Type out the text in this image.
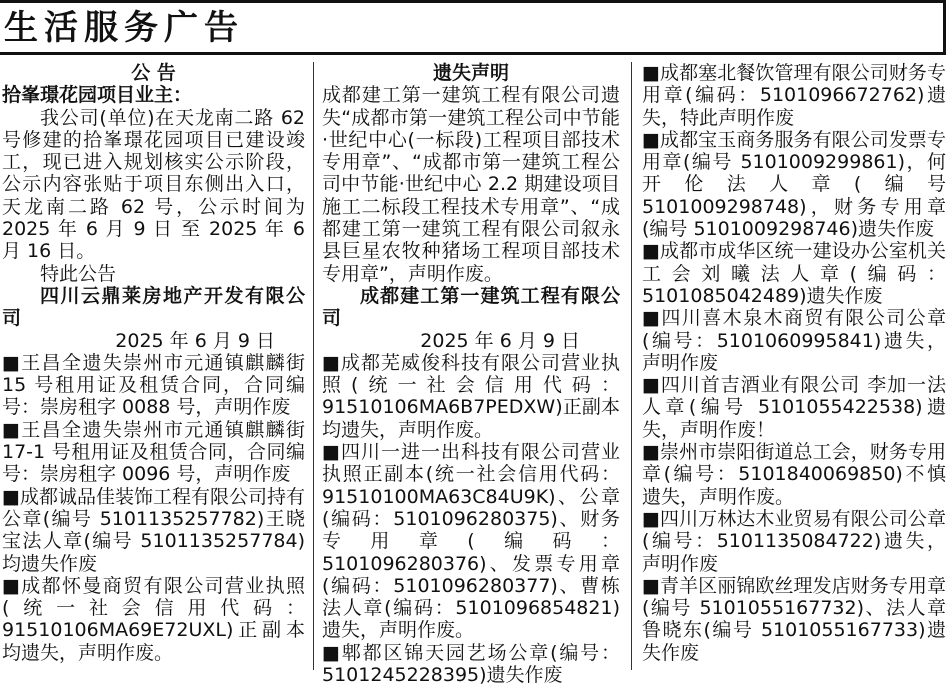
生活服务广告
公 告
拾峯璟花园项目业主：
我公司(单位)在天龙南二路 62 号修建的拾峯璟花园项目已建设竣工，现已进入规划核实公示阶段，公示内容张贴于项目东侧出入口，天龙南二路 62 号，公示时间为 2025 年 6 月 9 日 至 2025 年 6 月 16 日。
特此公告
四川云鼎莱房地产开发有限公司
2025 年 6 月 9 日
■王昌全遗失崇州市元通镇麒麟街 15 号租用证及租赁合同，合同编号：崇房租字 0088 号，声明作废
■王昌全遗失崇州市元通镇麒麟街 17-1 号租用证及租赁合同，合同编号：崇房租字 0096 号，声明作废
■成都诚品佳装饰工程有限公司持有公章(编号 5101135257782)王晓宝法人章(编号 5101135257784)均遗失作废
■成都怀曼商贸有限公司营业执照(统一社会信用代码：91510106MA69E72UXL)正副本均遗失，声明作废。
遗失声明
成都建工第一建筑工程有限公司遗失“成都市第一建筑工程公司中节能·世纪中心(一标段)工程项目部技术专用章”、“成都市第一建筑工程公司中节能·世纪中心 2.2 期建设项目施工二标段工程技术专用章”、“成都建工第一建筑工程有限公司叙永县巨星农牧种猪场工程项目部技术专用章”，声明作废。
成都建工第一建筑工程有限公司
2025 年 6 月 9 日
■成都芜威俊科技有限公司营业执照(统一社会信用代码：91510106MA6B7PEDXW)正副本均遗失，声明作废。
■四川一进一出科技有限公司营业执照正副本(统一社会信用代码：91510100MA63C84U9K)、公章(编码：5101096280375)、财务专用章(编码：5101096280376)、发票专用章(编码：5101096280377)、曹栋法人章(编码：5101096854821)遗失，声明作废。
■郫都区锦天园艺场公章(编号：5101245228395)遗失作废
■成都塞北餐饮管理有限公司财务专用章(编码：5101096672762)遗失，特此声明作废
■成都宝玉商务服务有限公司发票专用章(编号 5101009299861)，何开伦法人章(编号 5101009298748)，财务专用章(编号 5101009298746)遗失作废
■成都市成华区统一建设办公室机关工会刘曦法人章(编码：5101085042489)遗失作废
■四川喜木泉木商贸有限公司公章(编号：5101060995841)遗失，声明作废
■四川首吉酒业有限公司 李加一法人章(编号 5101055422538)遗失，声明作废！
■崇州市崇阳街道总工会，财务专用章(编号：5101840069850)不慎遗失，声明作废。
■四川万林达木业贸易有限公司公章(编号：5101135084722)遗失，声明作废
■青羊区丽锦欧丝理发店财务专用章(编号 5101055167732)、法人章鲁晓东(编号 5101055167733)遗失作废
